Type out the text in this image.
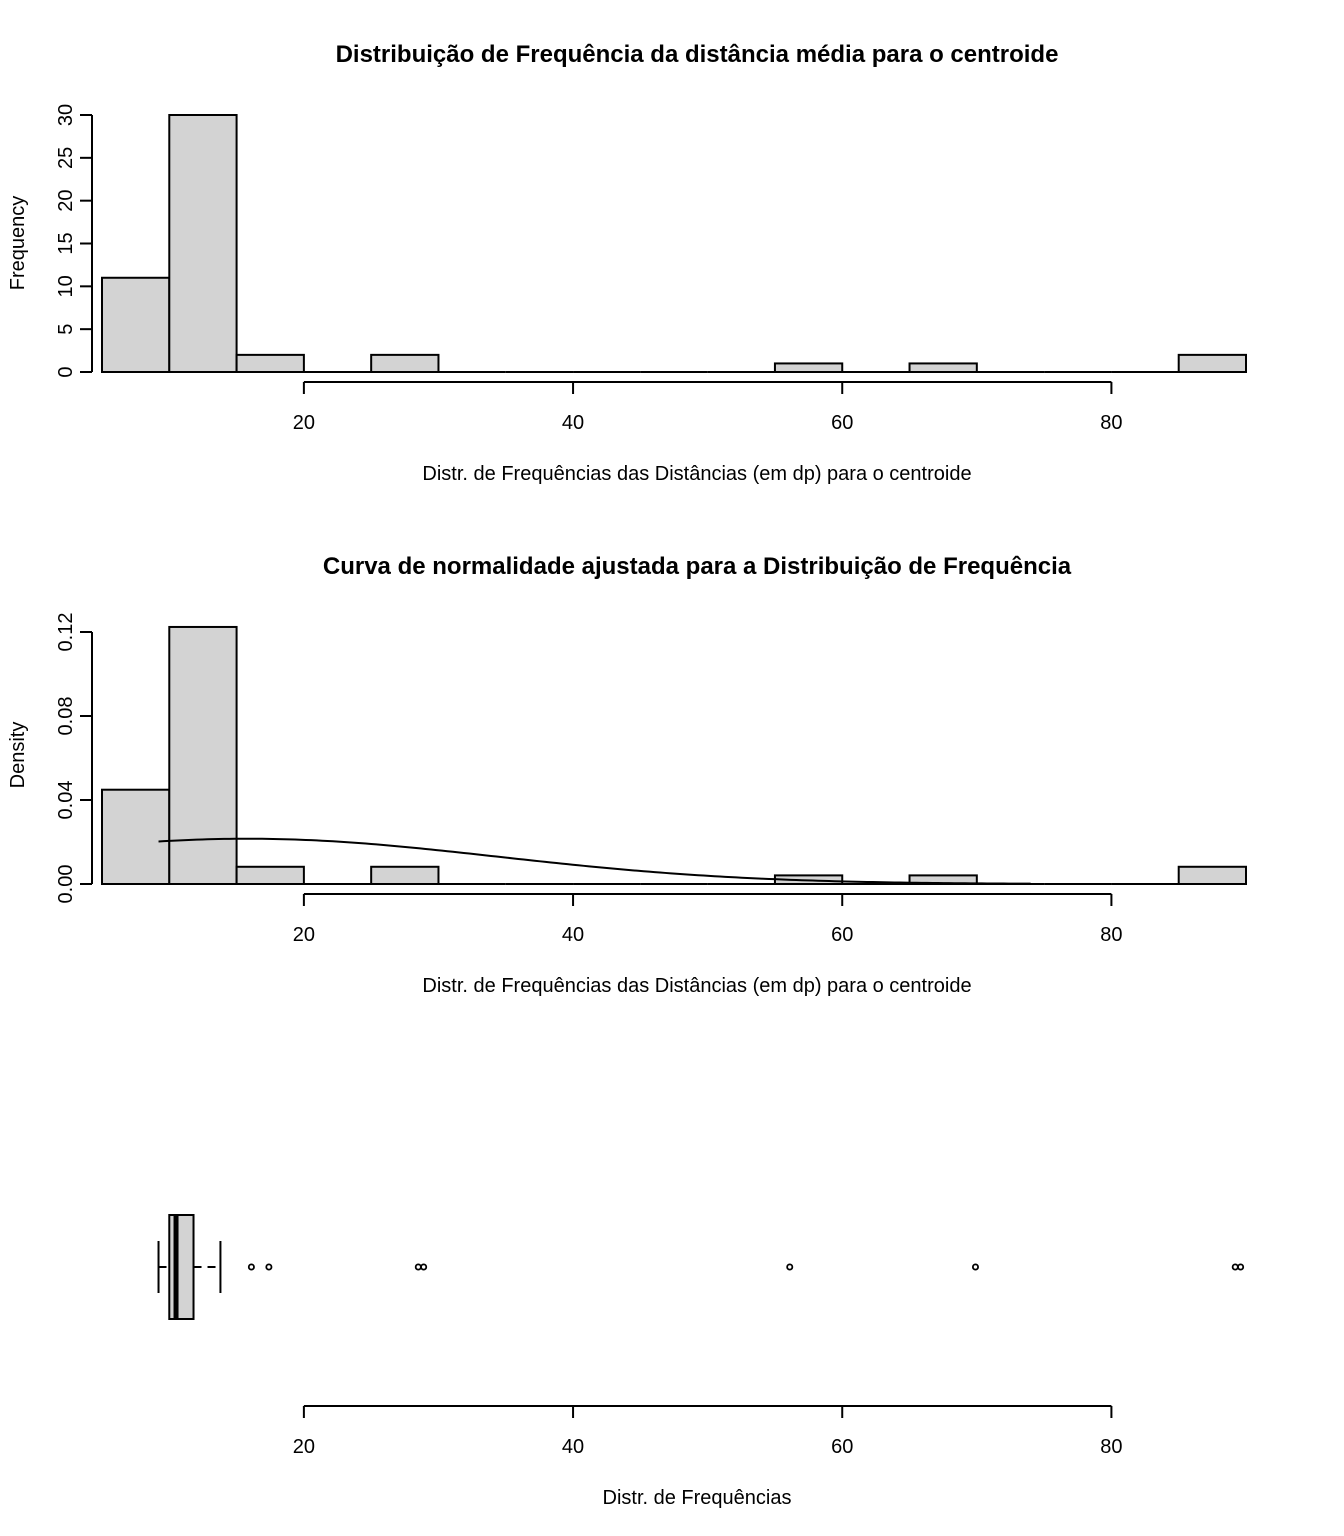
Distribuição de Frequência da distância média para o centroide
0
5
10
15
20
25
30
20	40	60	80
Distr. de Frequências das Distâncias (em dp) para o centroide
Frequency
Curva de normalidade ajustada para a Distribuição de Frequência
0.00
0.04
0.08
0.12
20	40	60	80
Distr. de Frequências das Distâncias (em dp) para o centroide
Density
20	40	60	80
Distr. de Frequências
